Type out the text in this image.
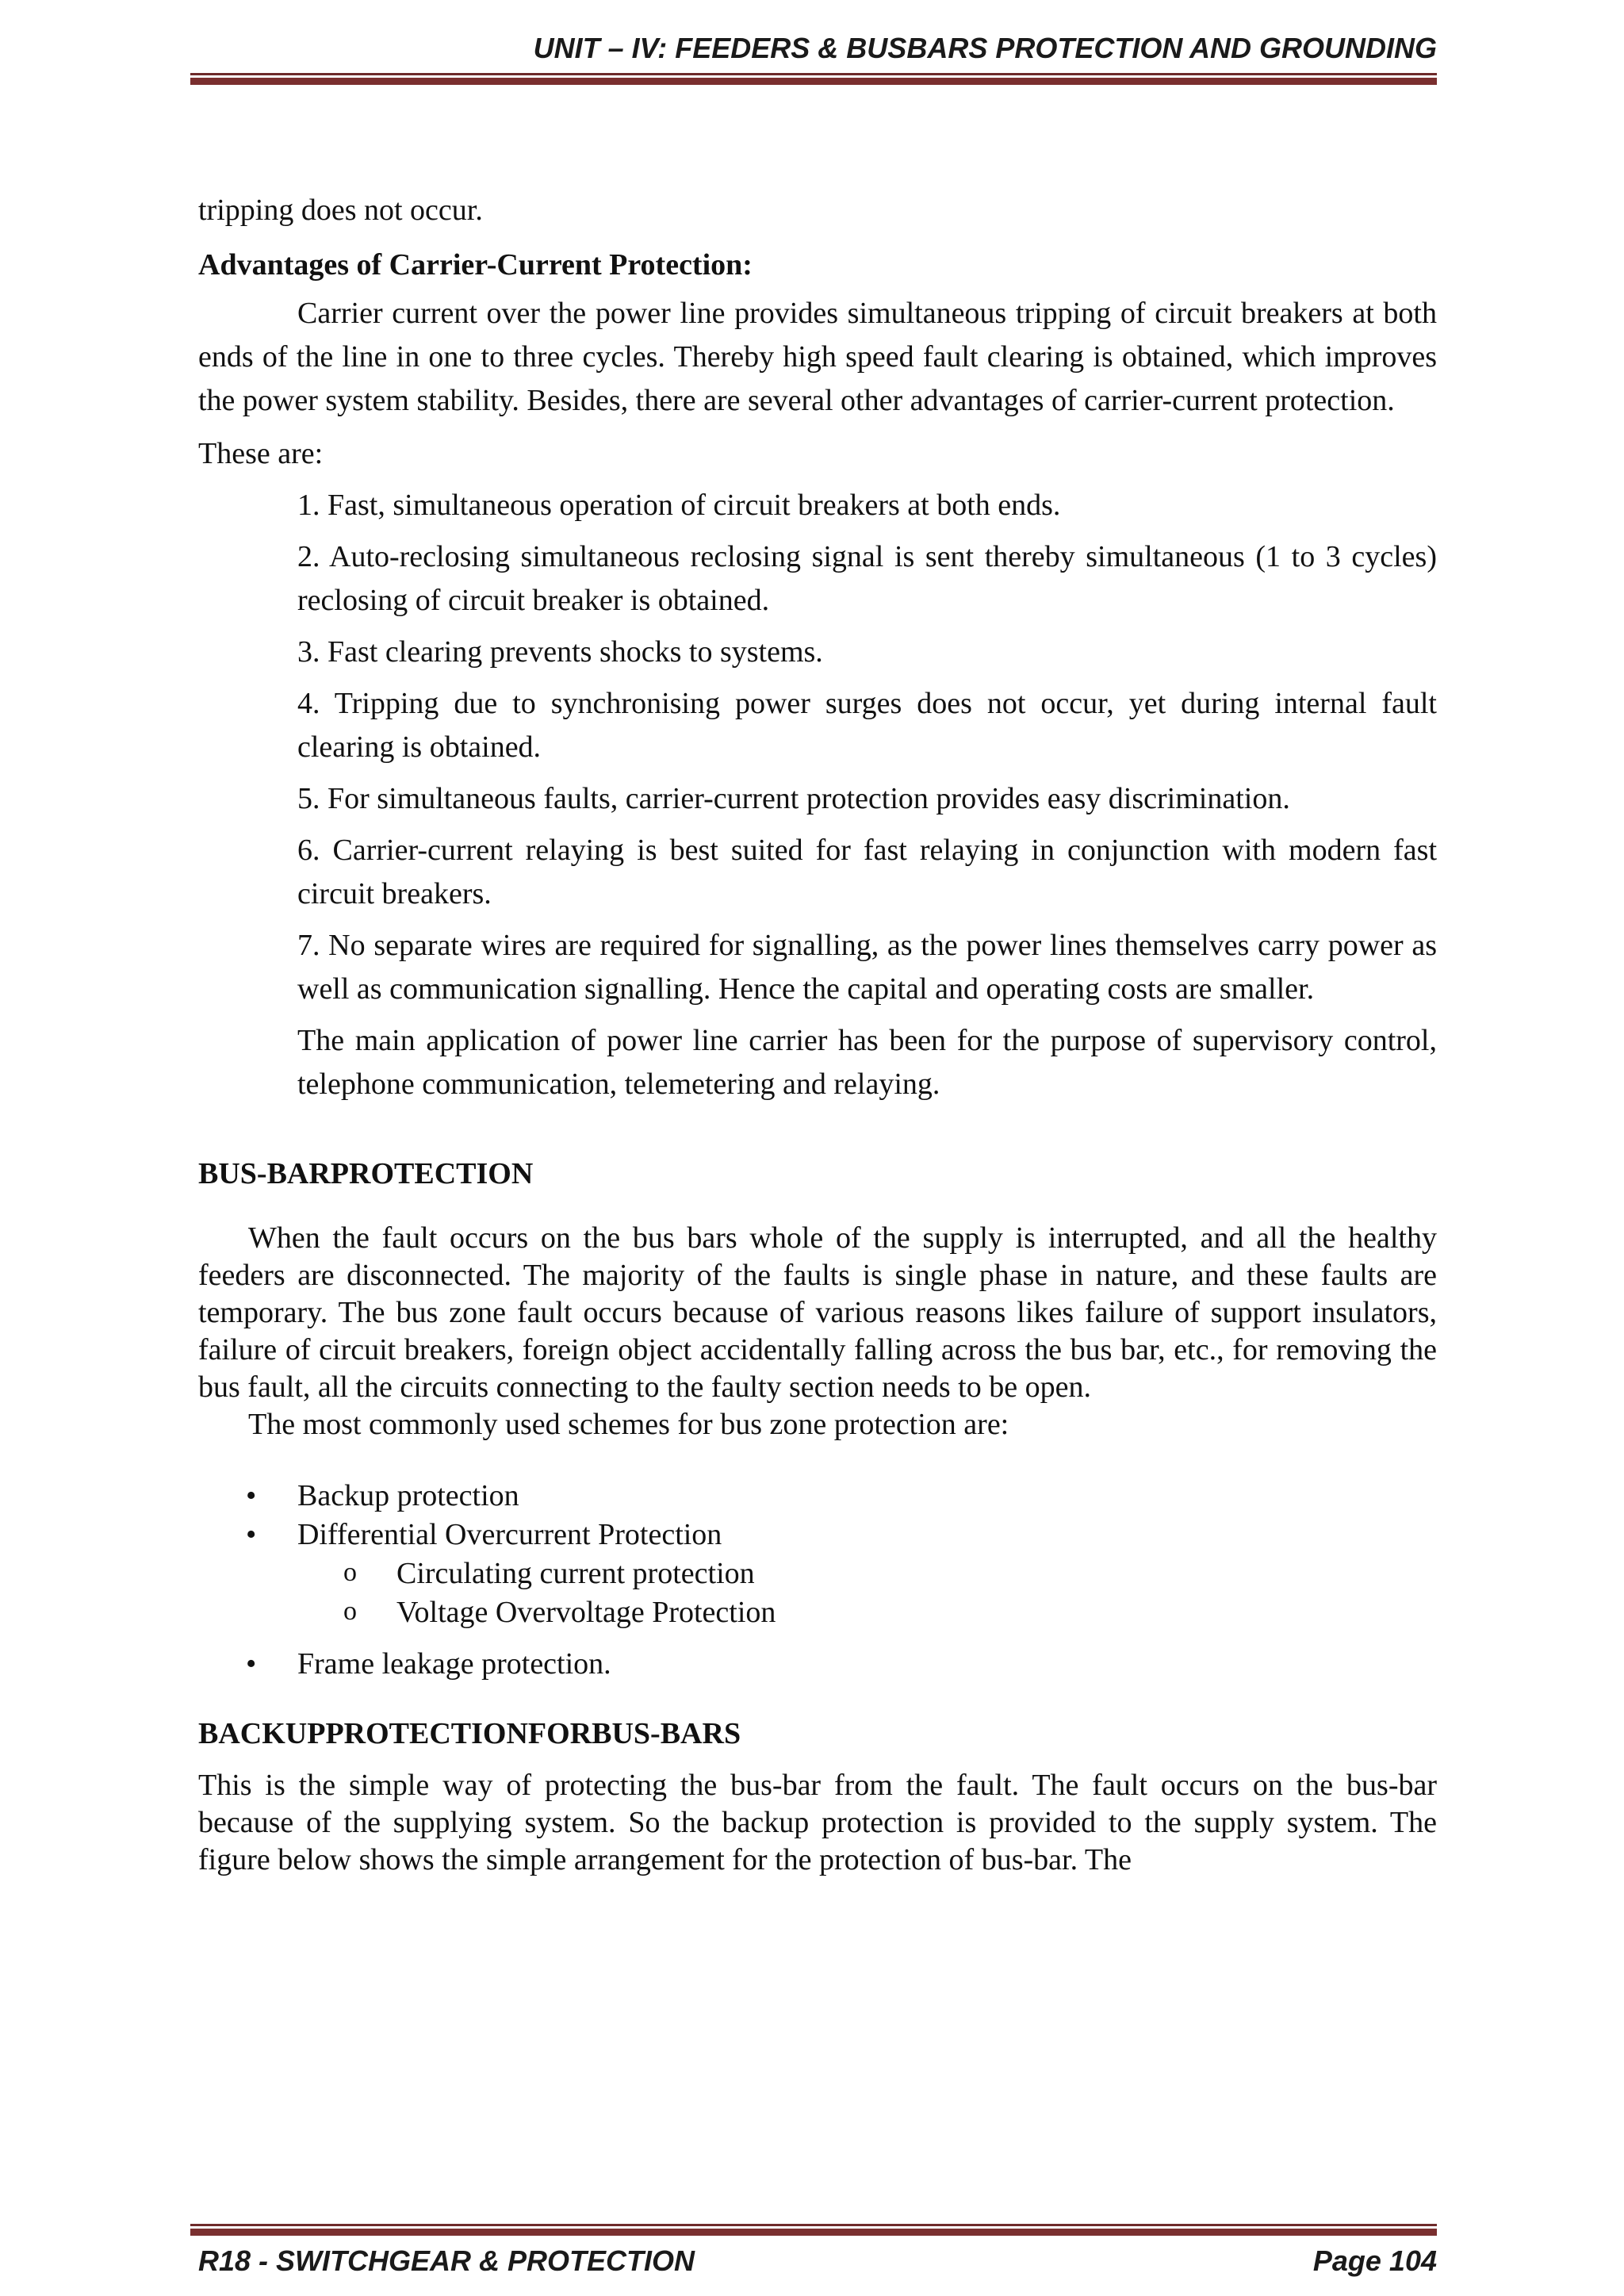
UNIT – IV: FEEDERS & BUSBARS PROTECTION AND GROUNDING

tripping does not occur.

Advantages of Carrier-Current Protection:

Carrier current over the power line provides simultaneous tripping of circuit breakers at both ends of the line in one to three cycles. Thereby high speed fault clearing is obtained, which improves the power system stability. Besides, there are several other advantages of carrier-current protection.

These are:

1. Fast, simultaneous operation of circuit breakers at both ends.

2. Auto-reclosing simultaneous reclosing signal is sent thereby simultaneous (1 to 3 cycles) reclosing of circuit breaker is obtained.

3. Fast clearing prevents shocks to systems.

4. Tripping due to synchronising power surges does not occur, yet during internal fault clearing is obtained.

5. For simultaneous faults, carrier-current protection provides easy discrimination.

6. Carrier-current relaying is best suited for fast relaying in conjunction with modern fast circuit breakers.

7. No separate wires are required for signalling, as the power lines themselves carry power as well as communication signalling. Hence the capital and operating costs are smaller.

The main application of power line carrier has been for the purpose of supervisory control, telephone communication, telemetering and relaying.

BUS-BARPROTECTION

When the fault occurs on the bus bars whole of the supply is interrupted, and all the healthy feeders are disconnected. The majority of the faults is single phase in nature, and these faults are temporary. The bus zone fault occurs because of various reasons likes failure of support insulators, failure of circuit breakers, foreign object accidentally falling across the bus bar, etc., for removing the bus fault, all the circuits connecting to the faulty section needs to be open.

The most commonly used schemes for bus zone protection are:

• Backup protection
• Differential Overcurrent Protection
o Circulating current protection
o Voltage Overvoltage Protection
• Frame leakage protection.
BACKUPPROTECTIONFORBUS-BARS

This is the simple way of protecting the bus-bar from the fault. The fault occurs on the bus-bar because of the supplying system. So the backup protection is provided to the supply system. The figure below shows the simple arrangement for the protection of bus-bar. The

R18 - SWITCHGEAR & PROTECTION	Page 104
